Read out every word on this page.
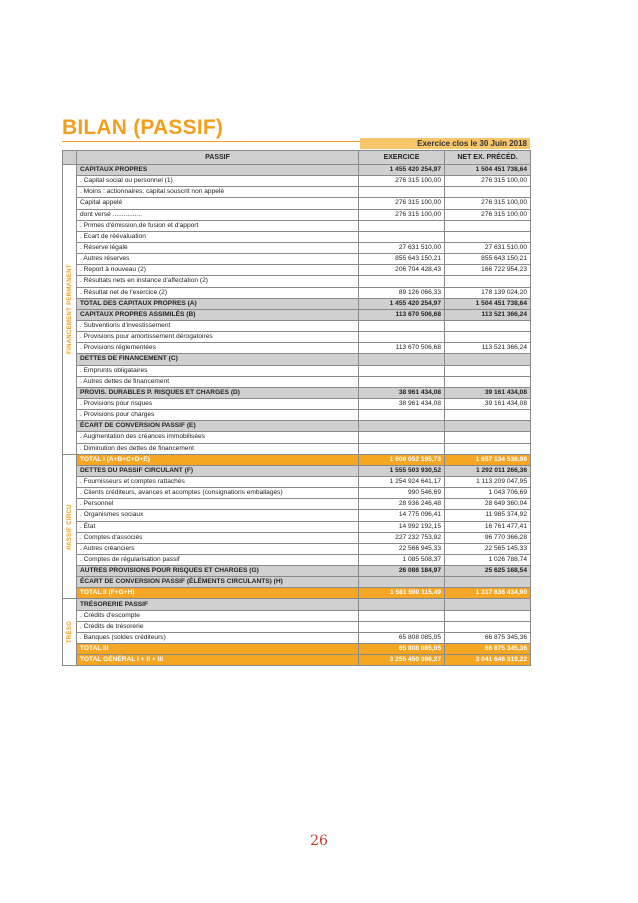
BILAN (PASSIF)
Exercice clos le 30 Juin 2018
	PASSIF	EXERCICE	NET EX. PRÉCÉD.

FINANCEMENT PERMANENT	CAPITAUX PROPRES	1 455 420 254,97	1 504 451 738,64
	. Capital social ou personnel (1)	276 315 100,00	276 315 100,00
	. Moins : actionnaires, capital souscrit non appelé		
	Capital appelé	276 315 100,00	276 315 100,00
	dont versé ................	276 315 100,00	276 315 100,00
	. Primes d'émission,de fusion et d'apport		
	. Ecart de réévaluation		
	. Réserve légale	27 631 510,00	27 631 510,00
	. Autres réserves	855 643 150,21	855 643 150,21
	. Report à nouveau (2)	206 704 428,43	166 722 954,23
	. Résultats nets en instance d'affectation (2)		
	. Résultat net de l'exercice (2)	89 126 066,33	178 139 024,20
	TOTAL DES CAPITAUX PROPRES (A)	1 455 420 254,97	1 504 451 738,64
	CAPITAUX PROPRES ASSIMILÉS (B)	113 670 506,68	113 521 366,24
	. Subventions d'investissement		
	. Provisions pour amortissement dérogatoires		
	. Provisions réglementées	113 670 506,68	113 521 366,24
	DETTES DE FINANCEMENT (C)		
	. Emprunts obligataires		
	. Autres dettes de financement		
	PROVIS. DURABLES P. RISQUES ET CHARGES (D)	38 961 434,08	39 161 434,08
	. Provisions pour risques	38 961 434,08	39 161 434,08
	. Provisions pour charges		
	ÉCART DE CONVERSION PASSIF (E)		
	. Augmentation des créances immobilisées		
	. Diminution des dettes de financement		

PASSIF CIRCU	TOTAL I (A+B+C+D+E)	1 608 052 195,73	1 657 134 538,96
	DETTES DU PASSIF CIRCULANT (F)	1 555 503 930,52	1 292 011 266,36
	. Fournisseurs et comptes rattachés	1 254 924 641,17	1 113 209 047,95
	. Clients créditeurs, avances et acomptes (consignations emballages)	990 546,69	1 043 706,69
	. Personnel	28 936 246,48	28 649 360,04
	. Organismes sociaux	14 775 096,41	11 985 374,92
	. État	14 992 192,15	16 761 477,41
	. Comptes d'associés	227 232 753,92	96 770 366,28
	. Autres créanciers	22 566 945,33	22 565 145,33
	. Comptes de régularisation passif	1 085 508,37	1 026 788,74
	AUTRES PROVISIONS POUR RISQUES ET CHARGES (G)	26 086 184,97	25 625 168,54
	ÉCART DE CONVERSION PASSIF (ÉLÉMENTS CIRCULANTS) (H)		
	TOTAL II (F+G+H)	1 581 590 115,49	1 317 636 434,90

TRÉSO	TRÉSORERIE PASSIF		
	. Crédits d'escompte		
	. Crédits de trésorerie		
	. Banques (soldes créditeurs)	65 808 085,05	66 875 345,36
	TOTAL III	65 808 085,05	66 875 345,36
	TOTAL GÉNÉRAL I + II + III	3 255 450 396,27	3 041 646 319,22
26
